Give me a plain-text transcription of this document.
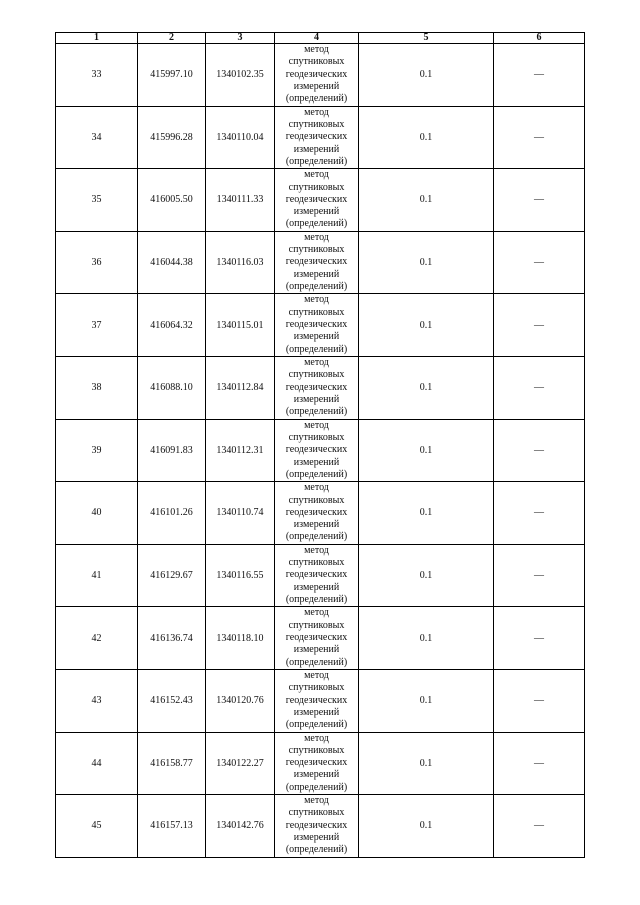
1	2	3	4	5	6
33	415997.10	1340102.35	метод
спутниковых
геодезических
измерений
(определений)	0.1	—
34	415996.28	1340110.04	метод
спутниковых
геодезических
измерений
(определений)	0.1	—
35	416005.50	1340111.33	метод
спутниковых
геодезических
измерений
(определений)	0.1	—
36	416044.38	1340116.03	метод
спутниковых
геодезических
измерений
(определений)	0.1	—
37	416064.32	1340115.01	метод
спутниковых
геодезических
измерений
(определений)	0.1	—
38	416088.10	1340112.84	метод
спутниковых
геодезических
измерений
(определений)	0.1	—
39	416091.83	1340112.31	метод
спутниковых
геодезических
измерений
(определений)	0.1	—
40	416101.26	1340110.74	метод
спутниковых
геодезических
измерений
(определений)	0.1	—
41	416129.67	1340116.55	метод
спутниковых
геодезических
измерений
(определений)	0.1	—
42	416136.74	1340118.10	метод
спутниковых
геодезических
измерений
(определений)	0.1	—
43	416152.43	1340120.76	метод
спутниковых
геодезических
измерений
(определений)	0.1	—
44	416158.77	1340122.27	метод
спутниковых
геодезических
измерений
(определений)	0.1	—
45	416157.13	1340142.76	метод
спутниковых
геодезических
измерений
(определений)	0.1	—
